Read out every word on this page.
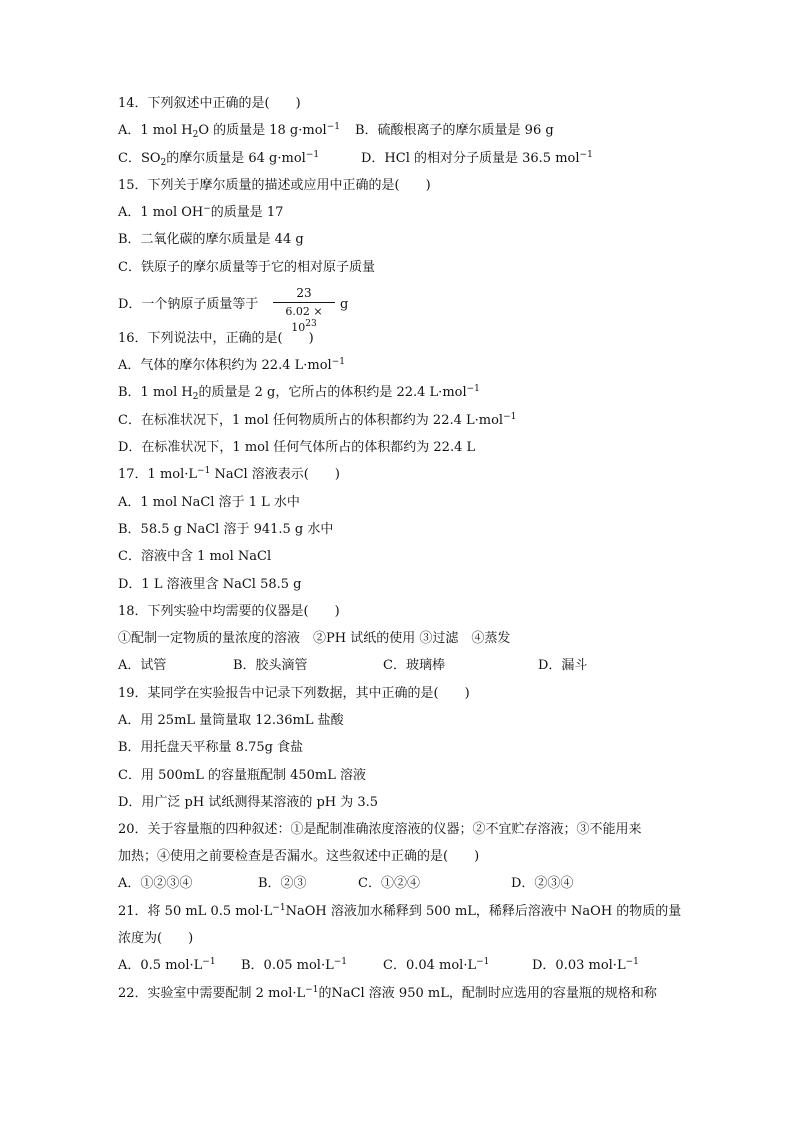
14．下列叙述中正确的是(　　)
A．1 mol $H_2O$ 的质量是 18 g·mol$^{-1}$ B．硫酸根离子的摩尔质量是 96 g
C．$SO_2$的摩尔质量是 64 g·mol$^{-1}$	D．HCl 的相对分子质量是 36.5 mol$^{-1}$
15．下列关于摩尔质量的描述或应用中正确的是(　　)
A．1 mol OH−的质量是 17
B．二氧化碳的摩尔质量是 44 g
C．铁原子的摩尔质量等于它的相对原子质量
D．一个钠原子质量等于
23
$6.02 \times 10^{23}$
g
16．下列说法中，正确的是(　　)
A．气体的摩尔体积约为 22.4 L·mol$^{-1}$
B．1 mol $H_2$的质量是 2 g，它所占的体积约是 22.4 L·mol$^{-1}$
C．在标准状况下，1 mol 任何物质所占的体积都约为 22.4 L·mol$^{-1}$
D．在标准状况下，1 mol 任何气体所占的体积都约为 22.4 L
17．1 $mol\cdot L^{-1}$ NaCl 溶液表示(　　)
A．1 mol NaCl 溶于 1 L 水中
B．58.5 g NaCl 溶于 941.5 g 水中
C．溶液中含 1 mol NaCl
D．1 L 溶液里含 NaCl 58.5 g
18．下列实验中均需要的仪器是(　　)
①配制一定物质的量浓度的溶液　②PH 试纸的使用 ③过滤　④蒸发
A．试管	B．胶头滴管	C．玻璃棒	D．漏斗
19．某同学在实验报告中记录下列数据，其中正确的是(　　)
A．用 25mL 量筒量取 12.36mL 盐酸
B．用托盘天平称量 8.75g 食盐
C．用 500mL 的容量瓶配制 450mL 溶液
D．用广泛 pH 试纸测得某溶液的 pH 为 3.5
20．关于容量瓶的四种叙述：①是配制准确浓度溶液的仪器；②不宜贮存溶液；③不能用来
加热；④使用之前要检查是否漏水。这些叙述中正确的是(　　)
A．①②③④	B．②③	C．①②④	D．②③④
21．将 50 mL 0.5 $mol\cdot L^{-1}NaOH$ 溶液加水稀释到 500 mL，稀释后溶液中 NaOH 的物质的量
浓度为(　　)
A．0.5 $mol\cdot L^{-1}$ B．0.05 $mol\cdot L^{-1}$	C．0.04 $mol\cdot L^{-1}$	D．0.03 $mol\cdot L^{-1}$
22．实验室中需要配制 2 $mol\cdot L^{-1}$的NaCl 溶液 950 mL，配制时应选用的容量瓶的规格和称
